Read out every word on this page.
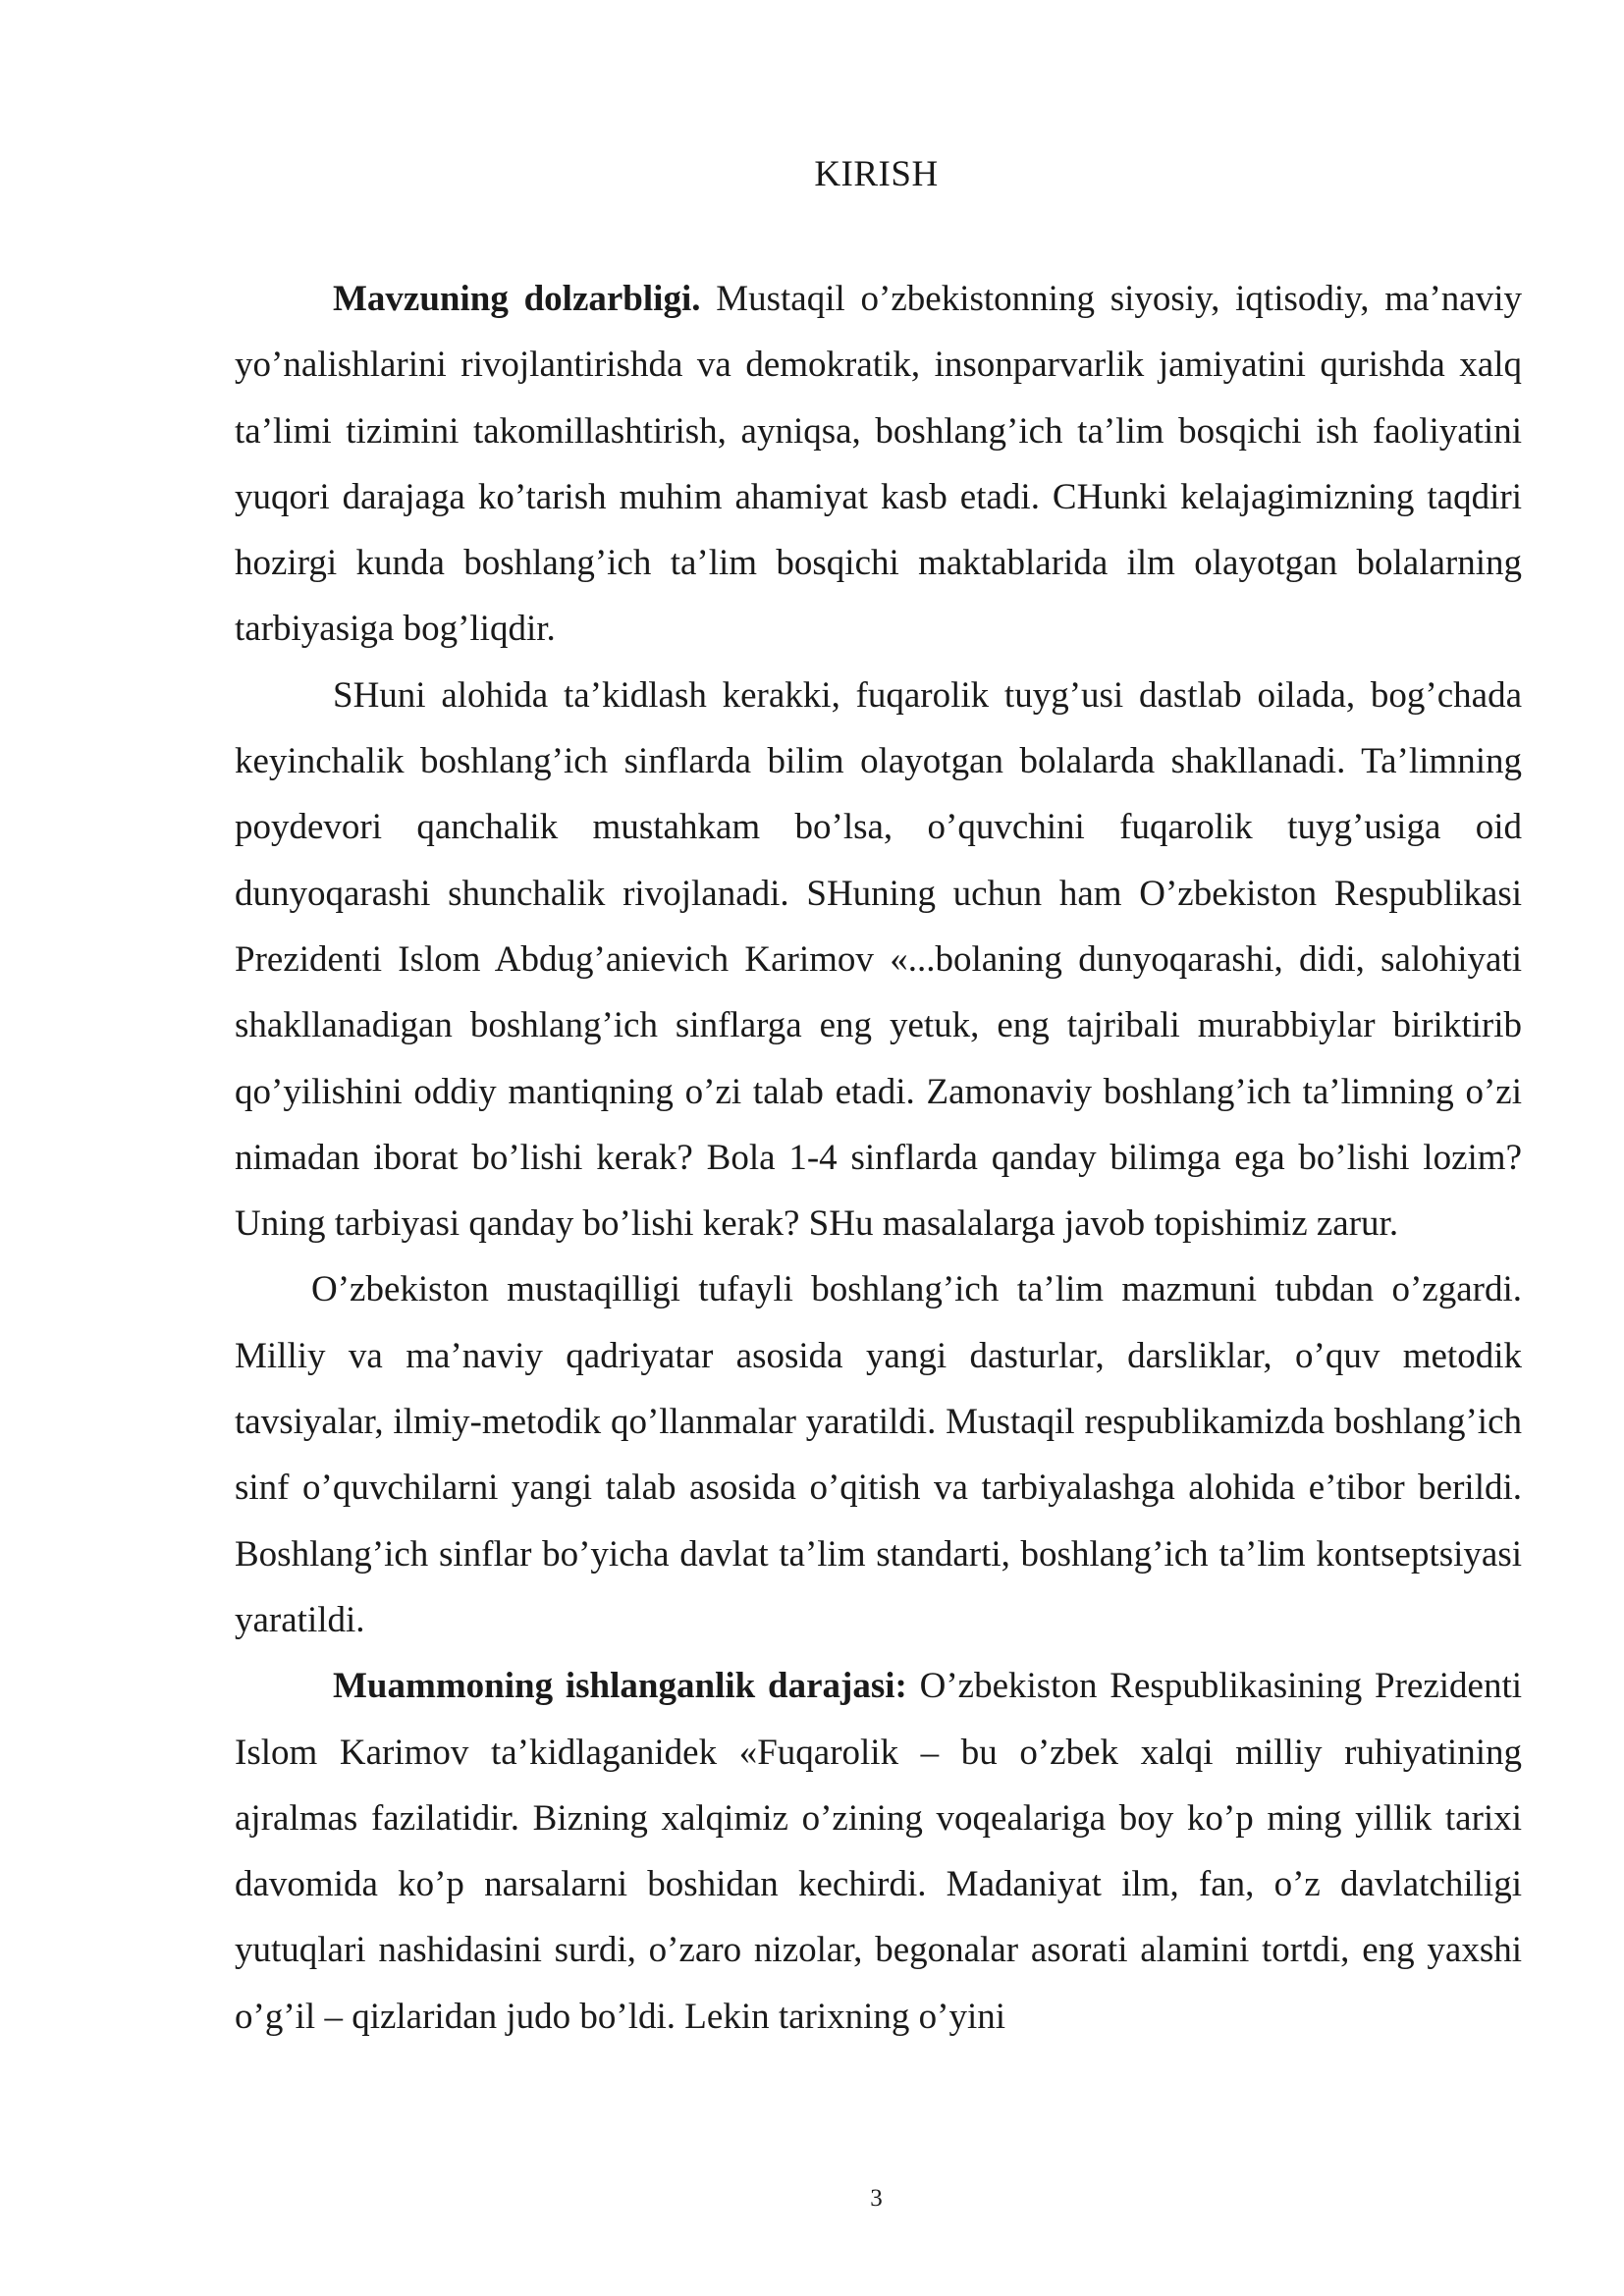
KIRISH

Mavzuning dolzarbligi. Mustaqil o’zbekistonning siyosiy, iqtisodiy, ma’naviy yo’nalishlarini rivojlantirishda va demokratik, insonparvarlik jamiyatini qurishda xalq ta’limi tizimini takomillashtirish, ayniqsa, boshlang’ich ta’lim bosqichi ish faoliyatini yuqori darajaga ko’tarish muhim ahamiyat kasb etadi. CHunki kelajagimizning taqdiri hozirgi kunda boshlang’ich ta’lim bosqichi maktablarida ilm olayotgan bolalarning tarbiyasiga bog’liqdir.

SHuni alohida ta’kidlash kerakki, fuqarolik tuyg’usi dastlab oilada, bog’chada keyinchalik boshlang’ich sinflarda bilim olayotgan bolalarda shakllanadi. Ta’limning poydevori qanchalik mustahkam bo’lsa, o’quvchini fuqarolik tuyg’usiga oid dunyoqarashi shunchalik rivojlanadi. SHuning uchun ham O’zbekiston Respublikasi Prezidenti Islom Abdug’anievich Karimov «...bolaning dunyoqarashi, didi, salohiyati shakllanadigan boshlang’ich sinflarga eng yetuk, eng tajribali murabbiylar biriktirib qo’yilishini oddiy mantiqning o’zi talab etadi. Zamonaviy boshlang’ich ta’limning o’zi nimadan iborat bo’lishi kerak? Bola 1-4 sinflarda qanday bilimga ega bo’lishi lozim? Uning tarbiyasi qanday bo’lishi kerak? SHu masalalarga javob topishimiz zarur.

O’zbekiston mustaqilligi tufayli boshlang’ich ta’lim mazmuni tubdan o’zgardi. Milliy va ma’naviy qadriyatar asosida yangi dasturlar, darsliklar, o’quv metodik tavsiyalar, ilmiy-metodik qo’llanmalar yaratildi. Mustaqil respublikamizda boshlang’ich sinf o’quvchilarni yangi talab asosida o’qitish va tarbiyalashga alohida e’tibor berildi. Boshlang’ich sinflar bo’yicha davlat ta’lim standarti, boshlang’ich ta’lim kontseptsiyasi yaratildi.

Muammoning ishlanganlik darajasi: O’zbekiston Respublikasining Prezidenti Islom Karimov ta’kidlaganidek «Fuqarolik – bu o’zbek xalqi milliy ruhiyatining ajralmas fazilatidir. Bizning xalqimiz o’zining voqealariga boy ko’p ming yillik tarixi davomida ko’p narsalarni boshidan kechirdi. Madaniyat ilm, fan, o’z davlatchiligi yutuqlari nashidasini surdi, o’zaro nizolar, begonalar asorati alamini tortdi, eng yaxshi o’g’il – qizlaridan judo bo’ldi. Lekin tarixning o’yini

3
